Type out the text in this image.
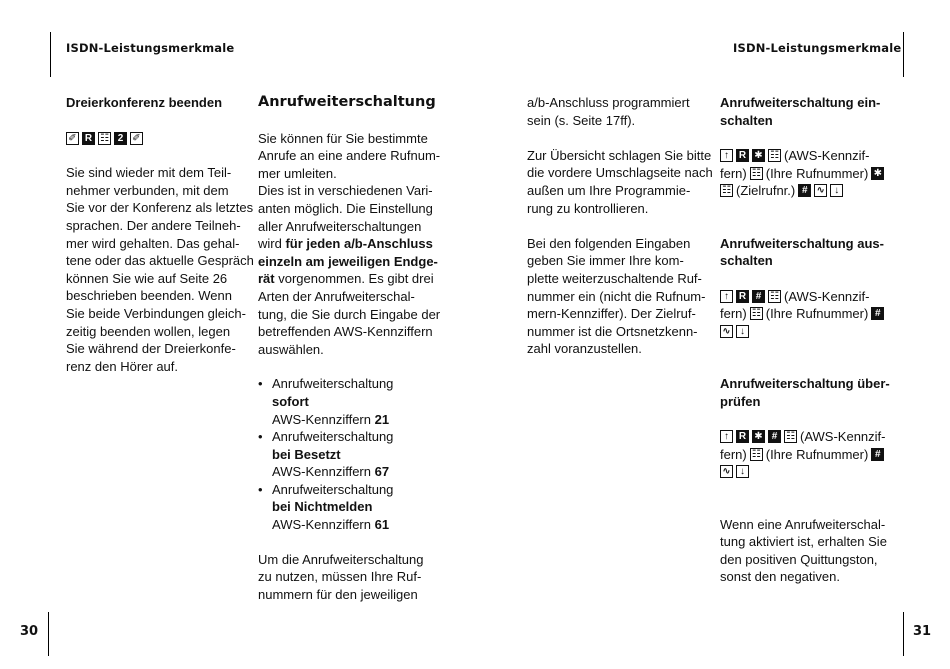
ISDN-Leistungsmerkmale	ISDN-Leistungsmerkmale
30	31
Dreierkonferenz beenden
✐ R ☷ 2 ✐
Sie sind wieder mit dem Teil-
nehmer verbunden, mit dem
Sie vor der Konferenz als letztes
sprachen. Der andere Teilneh-
mer wird gehalten. Das gehal-
tene oder das aktuelle Gespräch
können Sie wie auf Seite 26
beschrieben beenden. Wenn
Sie beide Verbindungen gleich-
zeitig beenden wollen, legen
Sie während der Dreierkonfe-
renz den Hörer auf.
Anrufweiterschaltung
Sie können für Sie bestimmte
Anrufe an eine andere Rufnum-
mer umleiten.
Dies ist in verschiedenen Vari-
anten möglich. Die Einstellung
aller Anrufweiterschaltungen
wird für jeden a/b-Anschluss
einzeln am jeweiligen Endge-
rät vorgenommen. Es gibt drei
Arten der Anrufweiterschal-
tung, die Sie durch Eingabe der
betreffenden AWS-Kennziffern
auswählen.
• Anrufweiterschaltung
sofort
AWS-Kennziffern 21
• Anrufweiterschaltung
bei Besetzt
AWS-Kennziffern 67
• Anrufweiterschaltung
bei Nichtmelden
AWS-Kennziffern 61
Um die Anrufweiterschaltung
zu nutzen, müssen Ihre Ruf-
nummern für den jeweiligen
a/b-Anschluss programmiert
sein (s. Seite 17ff).
Zur Übersicht schlagen Sie bitte
die vordere Umschlagseite nach
außen um Ihre Programmie-
rung zu kontrollieren.
Bei den folgenden Eingaben
geben Sie immer Ihre kom-
plette weiterzuschaltende Ruf-
nummer ein (nicht die Rufnum-
mern-Kennziffer). Der Zielruf-
nummer ist die Ortsnetzkenn-
zahl voranzustellen.
Anrufweiterschaltung ein-
schalten
↑ R ✱ ☷ (AWS-Kennzif-
fern) ☷ (Ihre Rufnummer) ✱
☷ (Zielrufnr.) # ∿ ↓
Anrufweiterschaltung aus-
schalten
↑ R # ☷ (AWS-Kennzif-
fern) ☷ (Ihre Rufnummer) #
∿ ↓
Anrufweiterschaltung über-
prüfen
↑ R ✱ # ☷ (AWS-Kennzif-
fern) ☷ (Ihre Rufnummer) #
∿ ↓
Wenn eine Anrufweiterschal-
tung aktiviert ist, erhalten Sie
den positiven Quittungston,
sonst den negativen.
